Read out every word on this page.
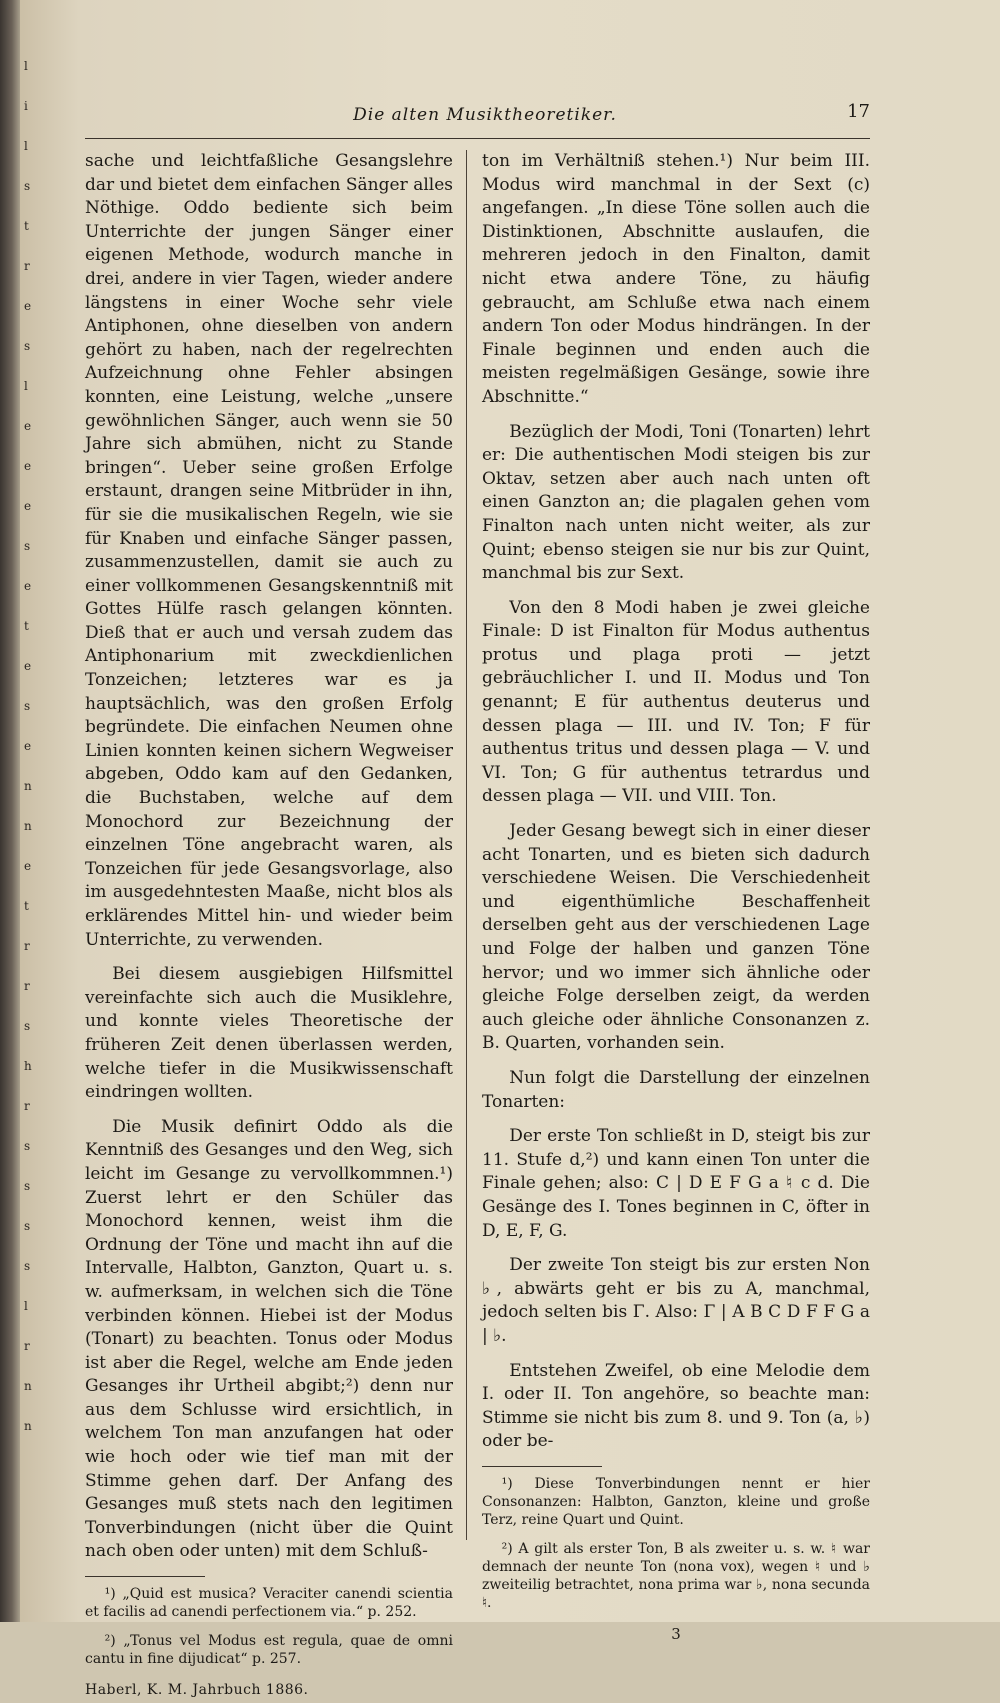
l
i
l
s
t
r
e
s
l
e
e
e
s
e
t
e
s
e
n
n
e
t
r
r
s
h
r
s
s
s
s
l
r
n
n
Die alten Musiktheoretiker.	17

sache und leichtfaßliche Gesangslehre dar und bietet dem einfachen Sänger alles Nöthige. Oddo bediente sich beim Unterrichte der jungen Sänger einer eigenen Methode, wodurch manche in drei, andere in vier Tagen, wieder andere längstens in einer Woche sehr viele Antiphonen, ohne dieselben von andern gehört zu haben, nach der regelrechten Aufzeichnung ohne Fehler absingen konnten, eine Leistung, welche „unsere gewöhnlichen Sänger, auch wenn sie 50 Jahre sich abmühen, nicht zu Stande bringen“. Ueber seine großen Erfolge erstaunt, drangen seine Mitbrüder in ihn, für sie die musikalischen Regeln, wie sie für Knaben und einfache Sänger passen, zusammenzustellen, damit sie auch zu einer vollkommenen Gesangskenntniß mit Gottes Hülfe rasch gelangen könnten. Dieß that er auch und versah zudem das Antiphonarium mit zweckdienlichen Tonzeichen; letzteres war es ja hauptsächlich, was den großen Erfolg begründete. Die einfachen Neumen ohne Linien konnten keinen sichern Wegweiser abgeben, Oddo kam auf den Gedanken, die Buchstaben, welche auf dem Monochord zur Bezeichnung der einzelnen Töne angebracht waren, als Tonzeichen für jede Gesangsvorlage, also im ausgedehntesten Maaße, nicht blos als erklärendes Mittel hin- und wieder beim Unterrichte, zu verwenden.

Bei diesem ausgiebigen Hilfsmittel vereinfachte sich auch die Musiklehre, und konnte vieles Theoretische der früheren Zeit denen überlassen werden, welche tiefer in die Musikwissenschaft eindringen wollten.

Die Musik definirt Oddo als die Kenntniß des Gesanges und den Weg, sich leicht im Gesange zu vervollkommnen.¹) Zuerst lehrt er den Schüler das Monochord kennen, weist ihm die Ordnung der Töne und macht ihn auf die Intervalle, Halbton, Ganzton, Quart u. s. w. aufmerksam, in welchen sich die Töne verbinden können. Hiebei ist der Modus (Tonart) zu beachten. Tonus oder Modus ist aber die Regel, welche am Ende jeden Gesanges ihr Urtheil abgibt;²) denn nur aus dem Schlusse wird ersichtlich, in welchem Ton man anzufangen hat oder wie hoch oder wie tief man mit der Stimme gehen darf. Der Anfang des Gesanges muß stets nach den legitimen Tonverbindungen (nicht über die Quint nach oben oder unten) mit dem Schluß-

¹) „Quid est musica? Veraciter canendi scientia et facilis ad canendi perfectionem via.“ p. 252.

²) „Tonus vel Modus est regula, quae de omni cantu in fine dijudicat“ p. 257.

Haberl, K. M. Jahrbuch 1886.

ton im Verhältniß stehen.¹) Nur beim III. Modus wird manchmal in der Sext (c) angefangen. „In diese Töne sollen auch die Distinktionen, Abschnitte auslaufen, die mehreren jedoch in den Finalton, damit nicht etwa andere Töne, zu häufig gebraucht, am Schluße etwa nach einem andern Ton oder Modus hindrängen. In der Finale beginnen und enden auch die meisten regelmäßigen Gesänge, sowie ihre Abschnitte.“

Bezüglich der Modi, Toni (Tonarten) lehrt er: Die authentischen Modi steigen bis zur Oktav, setzen aber auch nach unten oft einen Ganzton an; die plagalen gehen vom Finalton nach unten nicht weiter, als zur Quint; ebenso steigen sie nur bis zur Quint, manchmal bis zur Sext.

Von den 8 Modi haben je zwei gleiche Finale: D ist Finalton für Modus authentus protus und plaga proti — jetzt gebräuchlicher I. und II. Modus und Ton genannt; E für authentus deuterus und dessen plaga — III. und IV. Ton; F für authentus tritus und dessen plaga — V. und VI. Ton; G für authentus tetrardus und dessen plaga — VII. und VIII. Ton.

Jeder Gesang bewegt sich in einer dieser acht Tonarten, und es bieten sich dadurch verschiedene Weisen. Die Verschiedenheit und eigenthümliche Beschaffenheit derselben geht aus der verschiedenen Lage und Folge der halben und ganzen Töne hervor; und wo immer sich ähnliche oder gleiche Folge derselben zeigt, da werden auch gleiche oder ähnliche Consonanzen z. B. Quarten, vorhanden sein.

Nun folgt die Darstellung der einzelnen Tonarten:

Der erste Ton schließt in D, steigt bis zur 11. Stufe d,²) und kann einen Ton unter die Finale gehen; also: C | D E F G a ♮ c d. Die Gesänge des I. Tones beginnen in C, öfter in D, E, F, G.

Der zweite Ton steigt bis zur ersten Non ♭, abwärts geht er bis zu A, manchmal, jedoch selten bis Γ. Also: Γ | A B C D F F G a | ♭.

Entstehen Zweifel, ob eine Melodie dem I. oder II. Ton angehöre, so beachte man: Stimme sie nicht bis zum 8. und 9. Ton (a, ♭) oder be-

¹) Diese Tonverbindungen nennt er hier Consonanzen: Halbton, Ganzton, kleine und große Terz, reine Quart und Quint.

²) A gilt als erster Ton, B als zweiter u. s. w. ♮ war demnach der neunte Ton (nona vox), wegen ♮ und ♭ zweiteilig betrachtet, nona prima war ♭, nona secunda ♮.

3
